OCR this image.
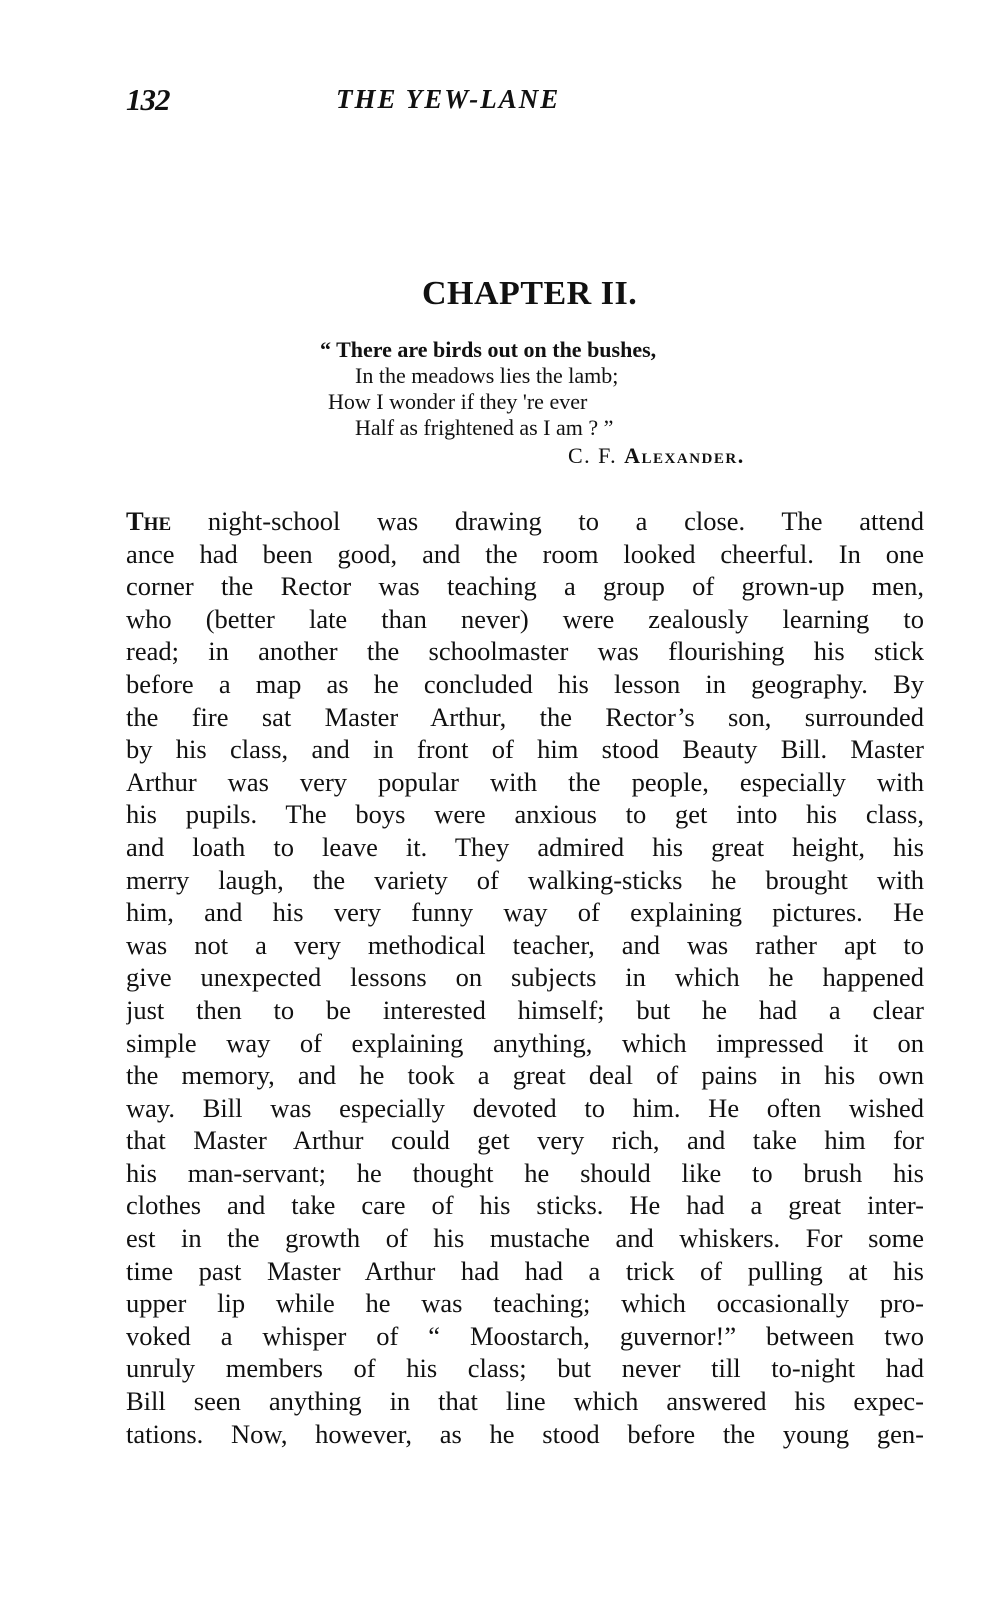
132	THE YEW-LANE
CHAPTER II.
“ There are birds out on the bushes,
In the meadows lies the lamb;
How I wonder if they 're ever
Half as frightened as I am ? ”
C. F. Alexander.
The night-school was drawing to a close. The attend
ance had been good, and the room looked cheerful. In one
corner the Rector was teaching a group of grown-up men,
who (better late than never) were zealously learning to
read; in another the schoolmaster was flourishing his stick
before a map as he concluded his lesson in geography. By
the fire sat Master Arthur, the Rector’s son, surrounded
by his class, and in front of him stood Beauty Bill. Master
Arthur was very popular with the people, especially with
his pupils. The boys were anxious to get into his class,
and loath to leave it. They admired his great height, his
merry laugh, the variety of walking-sticks he brought with
him, and his very funny way of explaining pictures. He
was not a very methodical teacher, and was rather apt to
give unexpected lessons on subjects in which he happened
just then to be interested himself; but he had a clear
simple way of explaining anything, which impressed it on
the memory, and he took a great deal of pains in his own
way. Bill was especially devoted to him. He often wished
that Master Arthur could get very rich, and take him for
his man-servant; he thought he should like to brush his
clothes and take care of his sticks. He had a great inter-
est in the growth of his mustache and whiskers. For some
time past Master Arthur had had a trick of pulling at his
upper lip while he was teaching; which occasionally pro-
voked a whisper of “ Moostarch, guvernor!” between two
unruly members of his class; but never till to-night had
Bill seen anything in that line which answered his expec-
tations. Now, however, as he stood before the young gen-
